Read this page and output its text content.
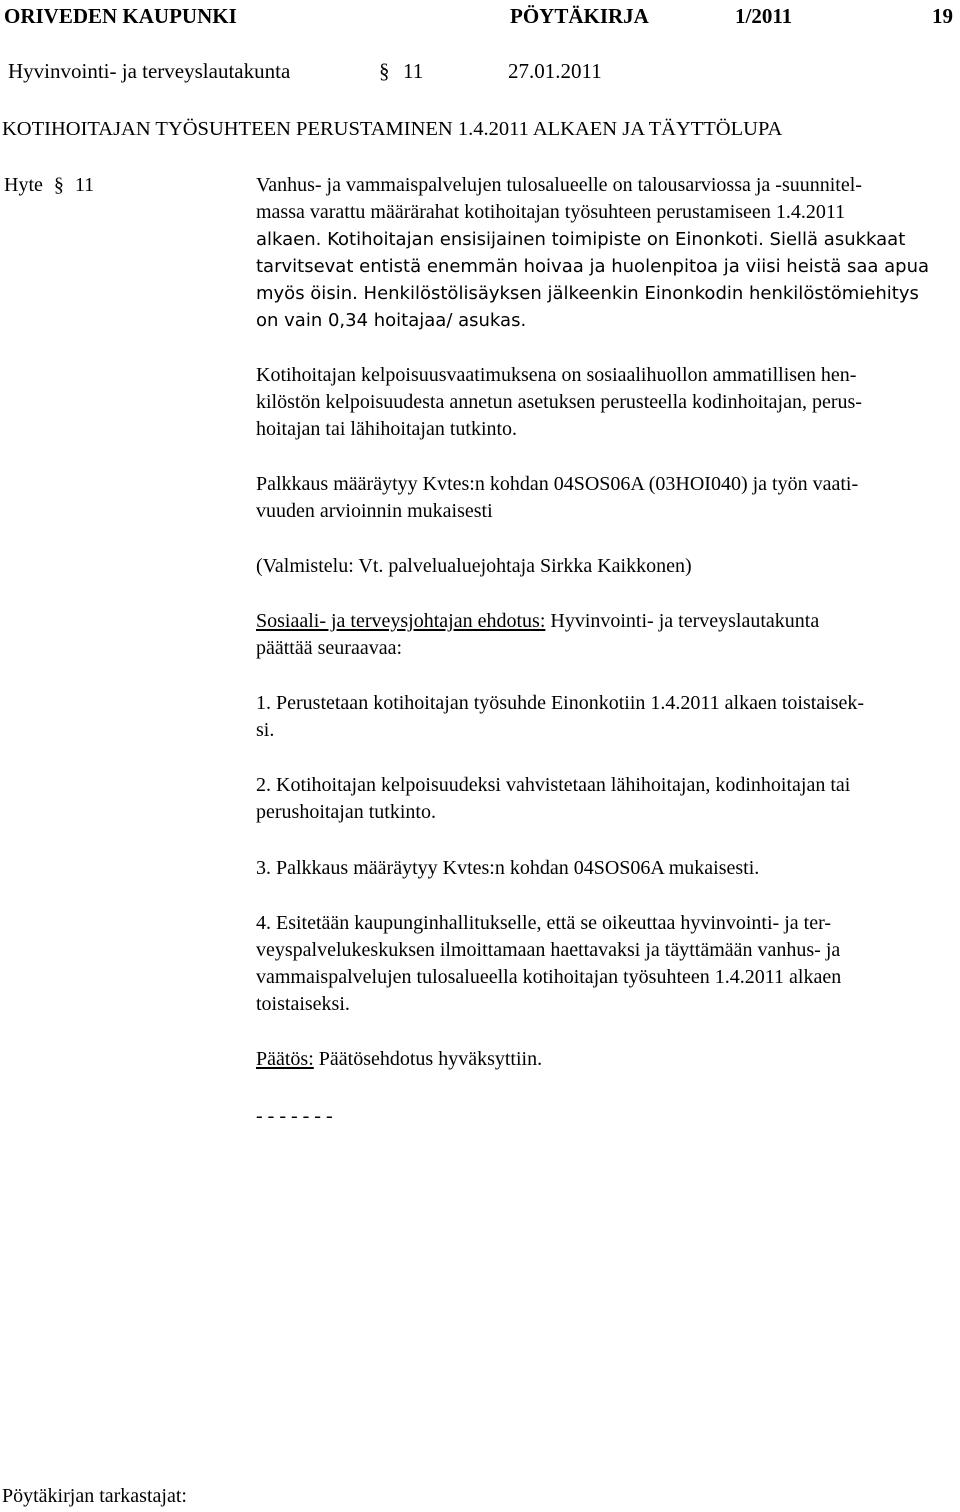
ORIVEDEN KAUPUNKI	PÖYTÄKIRJA	1/2011	19
Hyvinvointi- ja terveyslautakunta	§ 11	27.01.2011
KOTIHOITAJAN TYÖSUHTEEN PERUSTAMINEN 1.4.2011 ALKAEN JA TÄYTTÖLUPA
Hyte § 11	Vanhus- ja vammaispalvelujen tulosalueelle on talousarviossa ja -suunnitel-
massa varattu määrärahat kotihoitajan työsuhteen perustamiseen 1.4.2011
alkaen. Kotihoitajan ensisijainen toimipiste on Einonkoti. Siellä asukkaat
tarvitsevat entistä enemmän hoivaa ja huolenpitoa ja viisi heistä saa apua
myös öisin. Henkilöstölisäyksen jälkeenkin Einonkodin henkilöstömiehitys
on vain 0,34 hoitajaa/ asukas.
Kotihoitajan kelpoisuusvaatimuksena on sosiaalihuollon ammatillisen hen-
kilöstön kelpoisuudesta annetun asetuksen perusteella kodinhoitajan, perus-
hoitajan tai lähihoitajan tutkinto.
Palkkaus määräytyy Kvtes:n kohdan 04SOS06A (03HOI040) ja työn vaati-
vuuden arvioinnin mukaisesti
(Valmistelu: Vt. palvelualuejohtaja Sirkka Kaikkonen)
Sosiaali- ja terveysjohtajan ehdotus: Hyvinvointi- ja terveyslautakunta
päättää seuraavaa:
1. Perustetaan kotihoitajan työsuhde Einonkotiin 1.4.2011 alkaen toistaisek-
si.
2. Kotihoitajan kelpoisuudeksi vahvistetaan lähihoitajan, kodinhoitajan tai
perushoitajan tutkinto.
3. Palkkaus määräytyy Kvtes:n kohdan 04SOS06A mukaisesti.
4. Esitetään kaupunginhallitukselle, että se oikeuttaa hyvinvointi- ja ter-
veyspalvelukeskuksen ilmoittamaan haettavaksi ja täyttämään vanhus- ja
vammaispalvelujen tulosalueella kotihoitajan työsuhteen 1.4.2011 alkaen
toistaiseksi.
Päätös: Päätösehdotus hyväksyttiin.
- - - - - - -
Pöytäkirjan tarkastajat:
